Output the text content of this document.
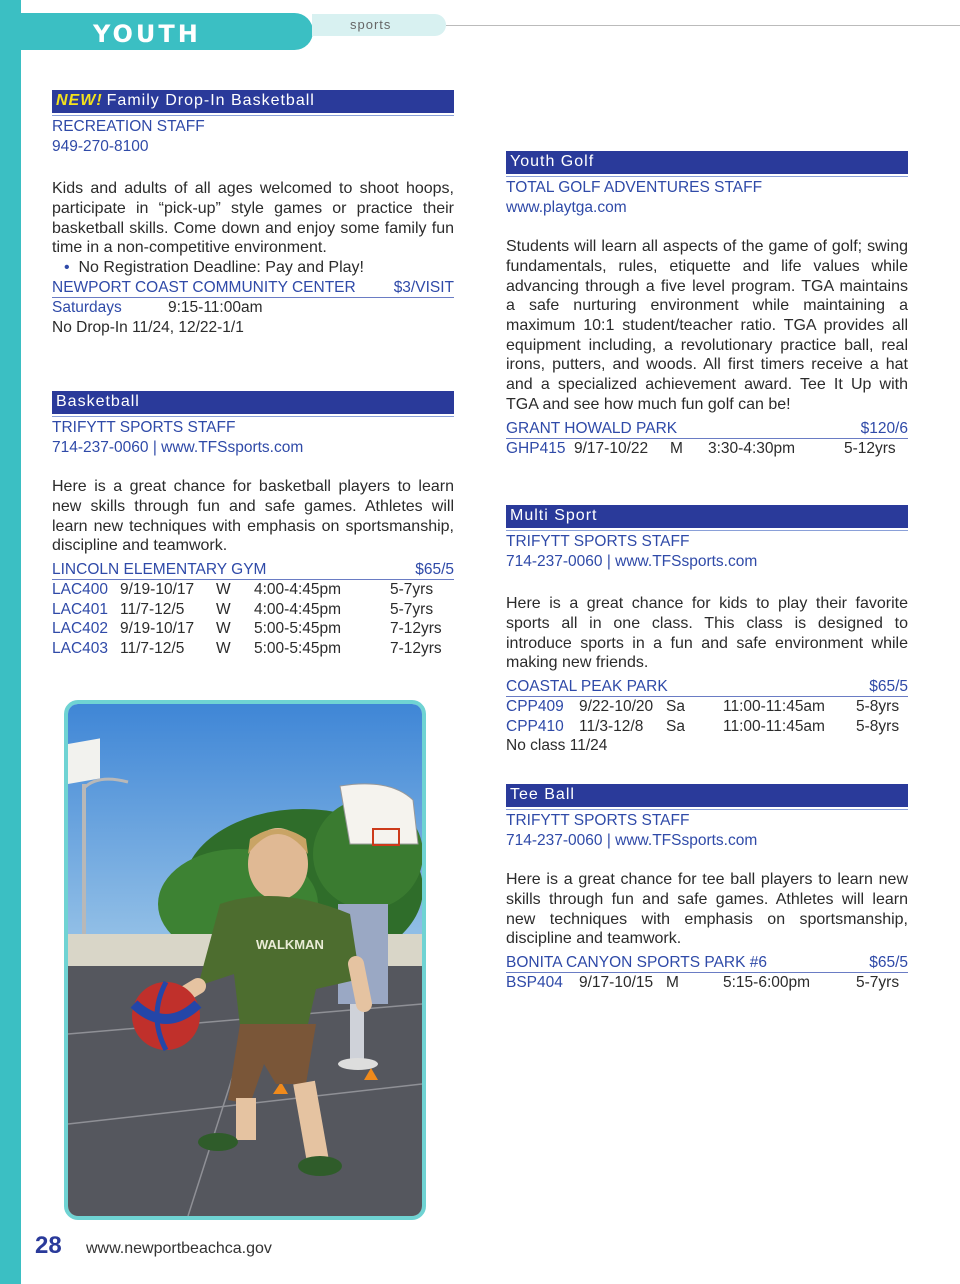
YOUTH	sports
NEW! Family Drop-In Basketball
RECREATION STAFF
949-270-8100

Kids and adults of all ages welcomed to shoot hoops, participate in “pick-up” style games or practice their basketball skills. Come down and enjoy some family fun time in a non-competitive environment.

•  No Registration Deadline: Pay and Play!
NEWPORT COAST COMMUNITY CENTER $3/VISIT
Saturdays	9:15-11:00am
No Drop-In 11/24, 12/22-1/1
Basketball
TRIFYTT SPORTS STAFF
714-237-0060 | www.TFSsports.com

Here is a great chance for basketball players to learn new skills through fun and safe games. Athletes will learn new techniques with emphasis on sportsmanship, discipline and teamwork.

LINCOLN ELEMENTARY GYM	$65/5
LAC400 9/19-10/17 W 4:00-4:45pm	5-7yrs
LAC401 11/7-12/5 W 4:00-4:45pm	5-7yrs
LAC402 9/19-10/17 W 5:00-5:45pm	7-12yrs
LAC403 11/7-12/5 W 5:00-5:45pm	7-12yrs
WALKMAN
Youth Golf
TOTAL GOLF ADVENTURES STAFF
www.playtga.com

Students will learn all aspects of the game of golf; swing fundamentals, rules, etiquette and life values while advancing through a five level program. TGA maintains a safe nurturing environment while maintaining a maximum 10:1 student/teacher ratio. TGA provides all equipment including, a revolutionary practice ball, real irons, putters, and woods. All first timers receive a hat and a specialized achievement award. Tee It Up with TGA and see how much fun golf can be!

GRANT HOWALD PARK	$120/6
GHP415 9/17-10/22 M 3:30-4:30pm	5-12yrs
Multi Sport
TRIFYTT SPORTS STAFF
714-237-0060 | www.TFSsports.com

Here is a great chance for kids to play their favorite sports all in one class. This class is designed to introduce sports in a fun and safe environment while making new friends.

COASTAL PEAK PARK	$65/5
CPP409 9/22-10/20 Sa 11:00-11:45am 5-8yrs
CPP410 11/3-12/8 Sa 11:00-11:45am 5-8yrs
No class 11/24
Tee Ball
TRIFYTT SPORTS STAFF
714-237-0060 | www.TFSsports.com

Here is a great chance for tee ball players to learn new skills through fun and safe games. Athletes will learn new techniques with emphasis on sportsmanship, discipline and teamwork.

BONITA CANYON SPORTS PARK #6	$65/5
BSP404 9/17-10/15 M	5:15-6:00pm	5-7yrs
28 www.newportbeachca.gov
